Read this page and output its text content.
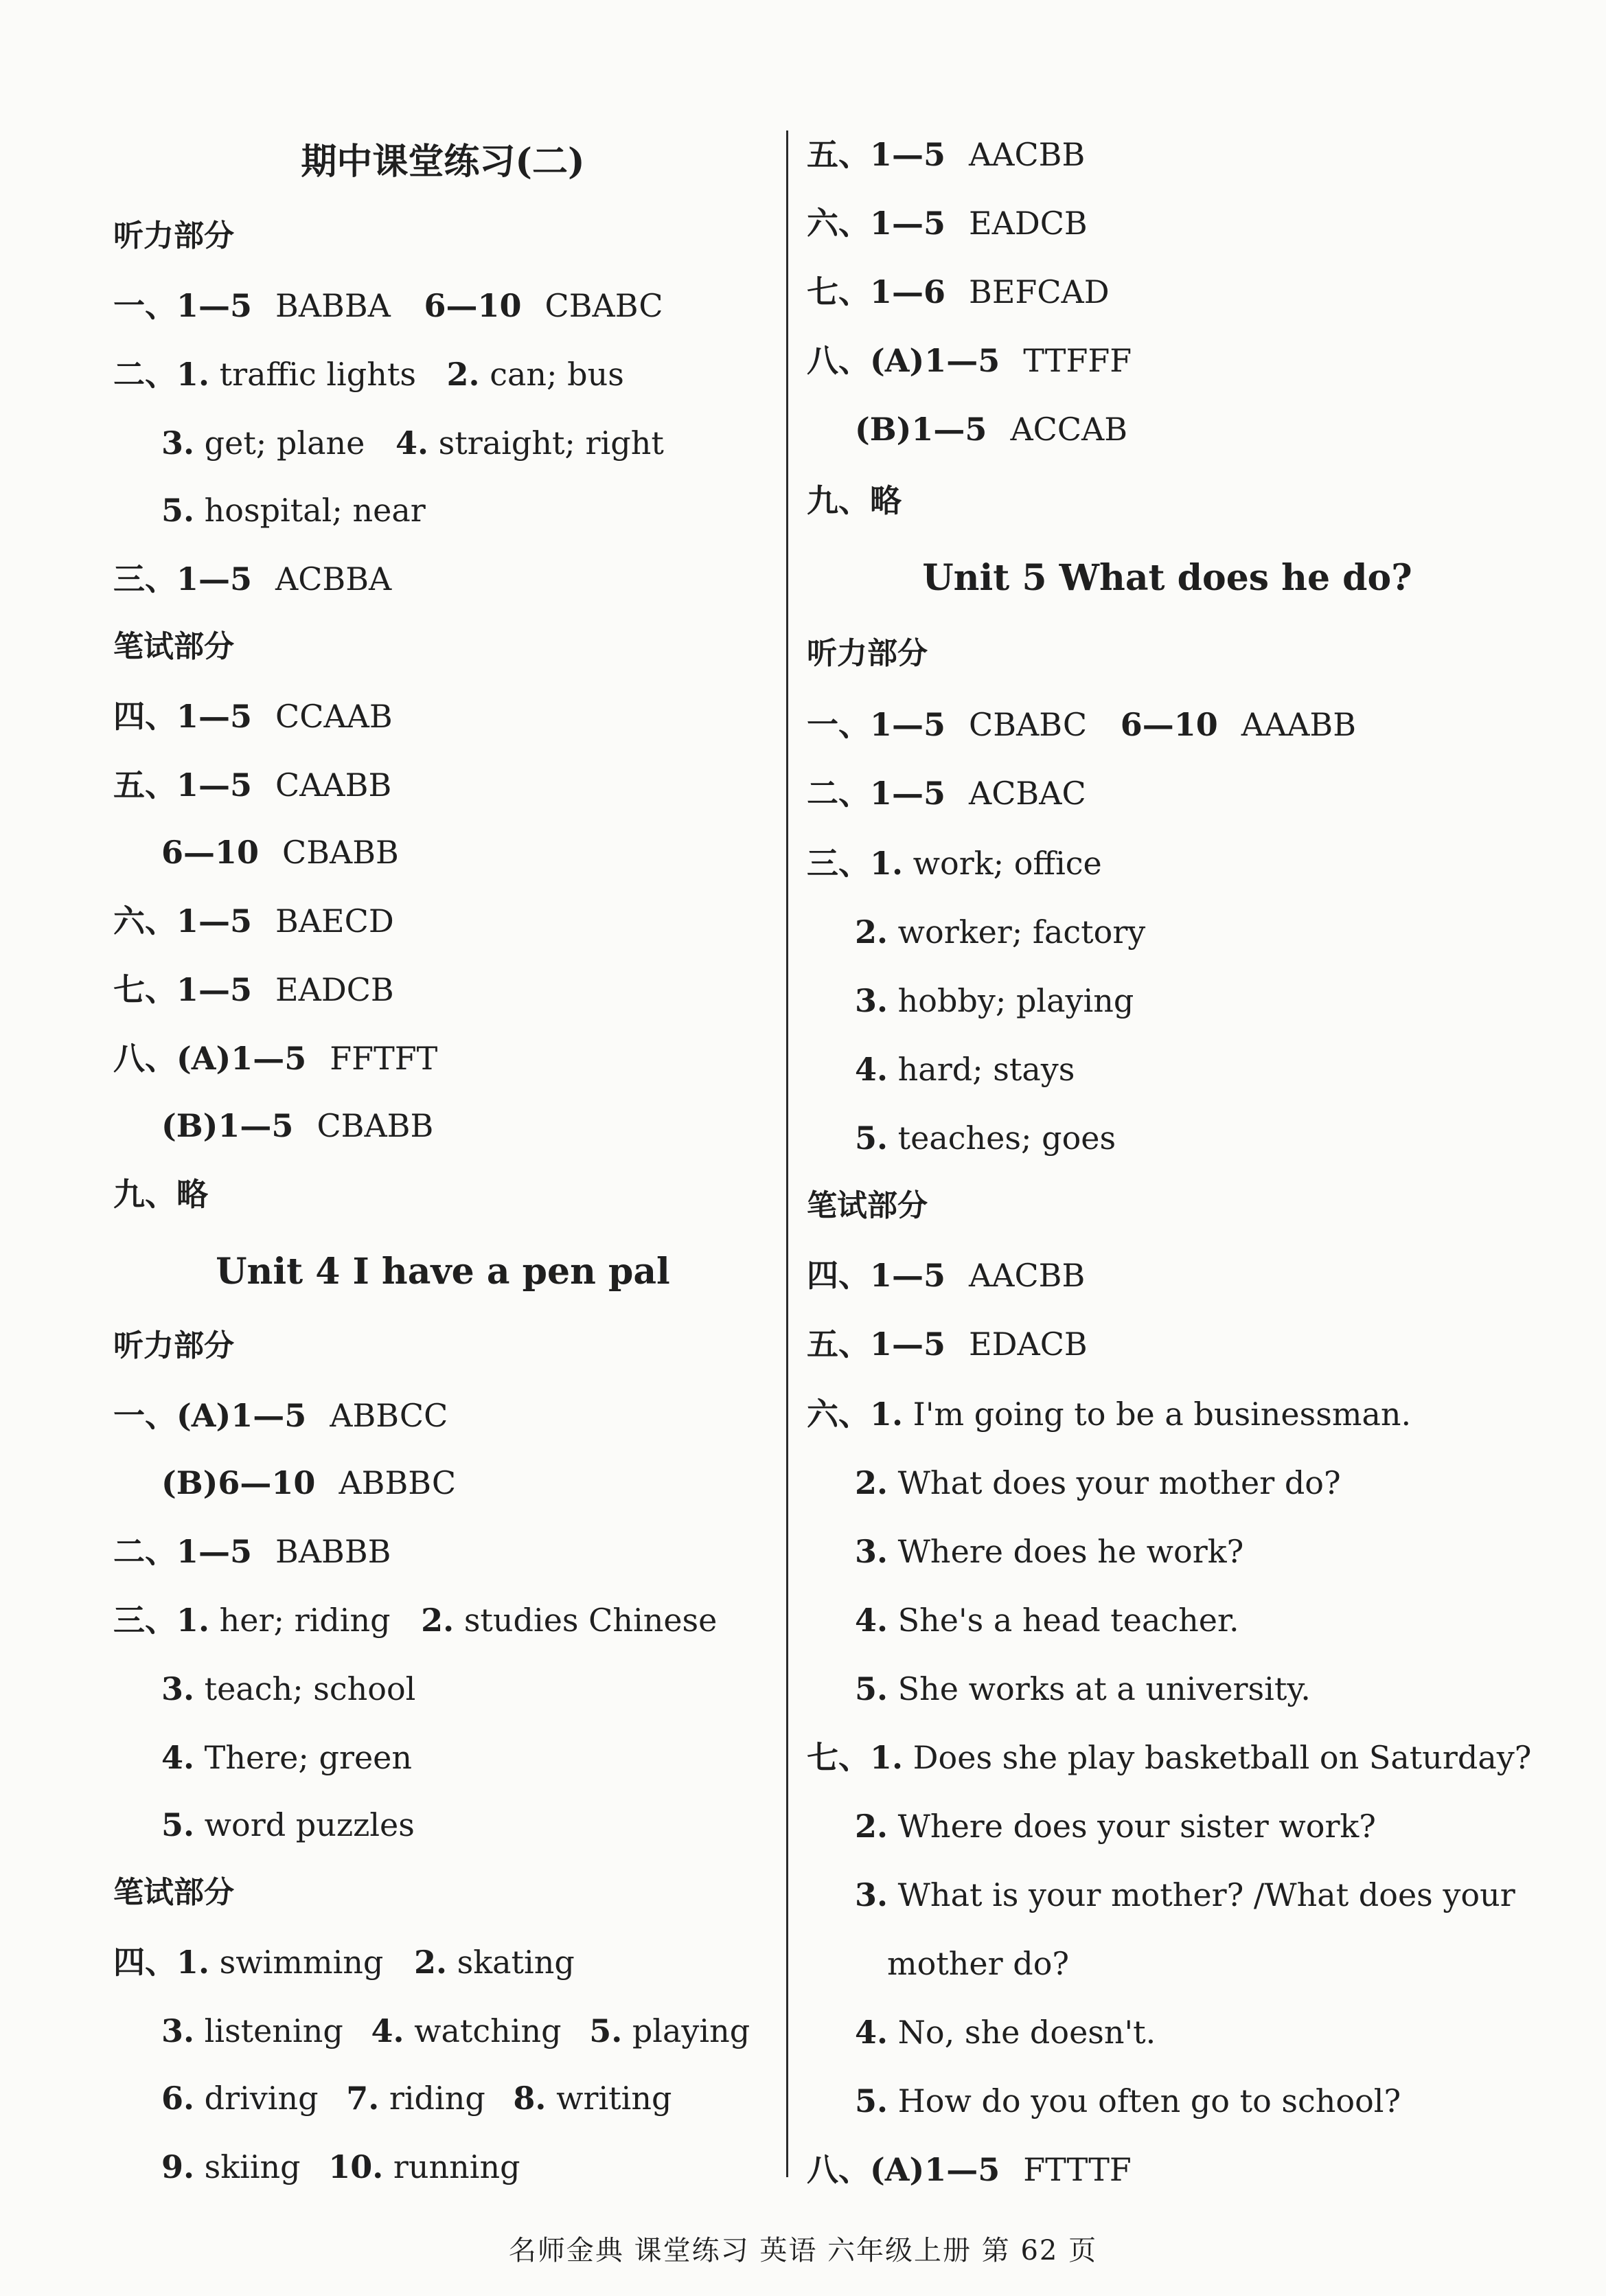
期中课堂练习(二)
听力部分
一、1—5 BABBA 6—10 CBABC
二、1. traffic lights 2. can; bus
3. get; plane 4. straight; right
5. hospital; near
三、1—5 ACBBA
笔试部分
四、1—5 CCAAB
五、1—5 CAABB
6—10 CBABB
六、1—5 BAECD
七、1—5 EADCB
八、(A)1—5 FFTFT
(B)1—5 CBABB
九、略
Unit 4 I have a pen pal
听力部分
一、(A)1—5 ABBCC
(B)6—10 ABBBC
二、1—5 BABBB
三、1. her; riding 2. studies Chinese
3. teach; school
4. There; green
5. word puzzles
笔试部分
四、1. swimming 2. skating
3. listening 4. watching 5. playing
6. driving 7. riding 8. writing
9. skiing 10. running
五、1—5 AACBB
六、1—5 EADCB
七、1—6 BEFCAD
八、(A)1—5 TTFFF
(B)1—5 ACCAB
九、略
Unit 5 What does he do?
听力部分
一、1—5 CBABC 6—10 AAABB
二、1—5 ACBAC
三、1. work; office
2. worker; factory
3. hobby; playing
4. hard; stays
5. teaches; goes
笔试部分
四、1—5 AACBB
五、1—5 EDACB
六、1. I'm going to be a businessman.
2. What does your mother do?
3. Where does he work?
4. She's a head teacher.
5. She works at a university.
七、1. Does she play basketball on Saturday?
2. Where does your sister work?
3. What is your mother? /What does your
mother do?
4. No, she doesn't.
5. How do you often go to school?
八、(A)1—5 FTTTF
名师金典 课堂练习 英语 六年级上册 第 62 页
